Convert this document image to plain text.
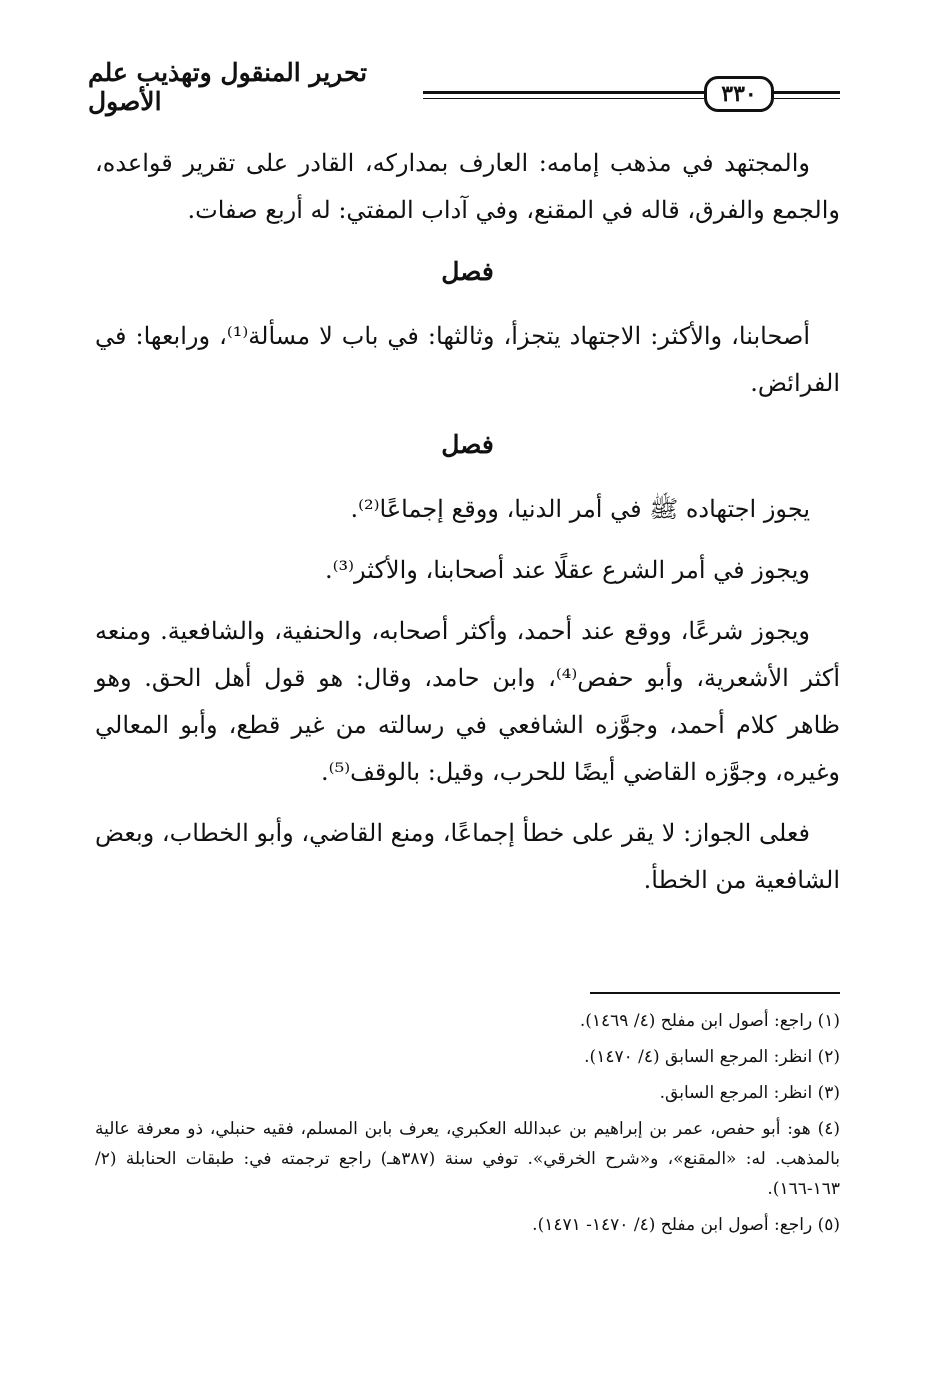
تحرير المنقول وتهذيب علم الأصول	٣٣٠

والمجتهد في مذهب إمامه: العارف بمداركه، القادر على تقرير قواعده، والجمع والفرق، قاله في المقنع، وفي آداب المفتي: له أربع صفات.

فصل

أصحابنا، والأكثر: الاجتهاد يتجزأ، وثالثها: في باب لا مسألة⁽¹⁾، ورابعها: في الفرائض.

فصل

يجوز اجتهاده ﷺ في أمر الدنيا، ووقع إجماعًا⁽²⁾.

ويجوز في أمر الشرع عقلًا عند أصحابنا، والأكثر⁽³⁾.

ويجوز شرعًا، ووقع عند أحمد، وأكثر أصحابه، والحنفية، والشافعية. ومنعه أكثر الأشعرية، وأبو حفص⁽⁴⁾، وابن حامد، وقال: هو قول أهل الحق. وهو ظاهر كلام أحمد، وجوَّزه الشافعي في رسالته من غير قطع، وأبو المعالي وغيره، وجوَّزه القاضي أيضًا للحرب، وقيل: بالوقف⁽⁵⁾.

فعلى الجواز: لا يقر على خطأ إجماعًا، ومنع القاضي، وأبو الخطاب، وبعض الشافعية من الخطأ.

(١) راجع: أصول ابن مفلح (٤/ ١٤٦٩).

(٢) انظر: المرجع السابق (٤/ ١٤٧٠).

(٣) انظر: المرجع السابق.

(٤) هو: أبو حفص، عمر بن إبراهيم بن عبدالله العكبري، يعرف بابن المسلم، فقيه حنبلي، ذو معرفة عالية بالمذهب. له: «المقنع»، و«شرح الخرقي». توفي سنة (٣٨٧هـ) راجع ترجمته في: طبقات الحنابلة (٢/ ١٦٣-١٦٦).

(٥) راجع: أصول ابن مفلح (٤/ ١٤٧٠- ١٤٧١).
